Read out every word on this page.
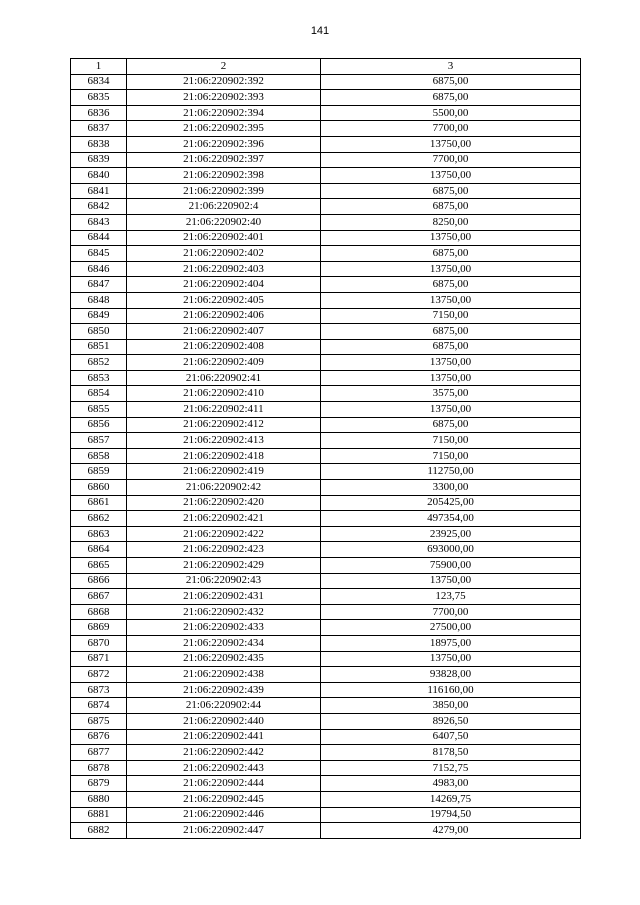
141
1	2	3
6834	21:06:220902:392	6875,00
6835	21:06:220902:393	6875,00
6836	21:06:220902:394	5500,00
6837	21:06:220902:395	7700,00
6838	21:06:220902:396	13750,00
6839	21:06:220902:397	7700,00
6840	21:06:220902:398	13750,00
6841	21:06:220902:399	6875,00
6842	21:06:220902:4	6875,00
6843	21:06:220902:40	8250,00
6844	21:06:220902:401	13750,00
6845	21:06:220902:402	6875,00
6846	21:06:220902:403	13750,00
6847	21:06:220902:404	6875,00
6848	21:06:220902:405	13750,00
6849	21:06:220902:406	7150,00
6850	21:06:220902:407	6875,00
6851	21:06:220902:408	6875,00
6852	21:06:220902:409	13750,00
6853	21:06:220902:41	13750,00
6854	21:06:220902:410	3575,00
6855	21:06:220902:411	13750,00
6856	21:06:220902:412	6875,00
6857	21:06:220902:413	7150,00
6858	21:06:220902:418	7150,00
6859	21:06:220902:419	112750,00
6860	21:06:220902:42	3300,00
6861	21:06:220902:420	205425,00
6862	21:06:220902:421	497354,00
6863	21:06:220902:422	23925,00
6864	21:06:220902:423	693000,00
6865	21:06:220902:429	75900,00
6866	21:06:220902:43	13750,00
6867	21:06:220902:431	123,75
6868	21:06:220902:432	7700,00
6869	21:06:220902:433	27500,00
6870	21:06:220902:434	18975,00
6871	21:06:220902:435	13750,00
6872	21:06:220902:438	93828,00
6873	21:06:220902:439	116160,00
6874	21:06:220902:44	3850,00
6875	21:06:220902:440	8926,50
6876	21:06:220902:441	6407,50
6877	21:06:220902:442	8178,50
6878	21:06:220902:443	7152,75
6879	21:06:220902:444	4983,00
6880	21:06:220902:445	14269,75
6881	21:06:220902:446	19794,50
6882	21:06:220902:447	4279,00
